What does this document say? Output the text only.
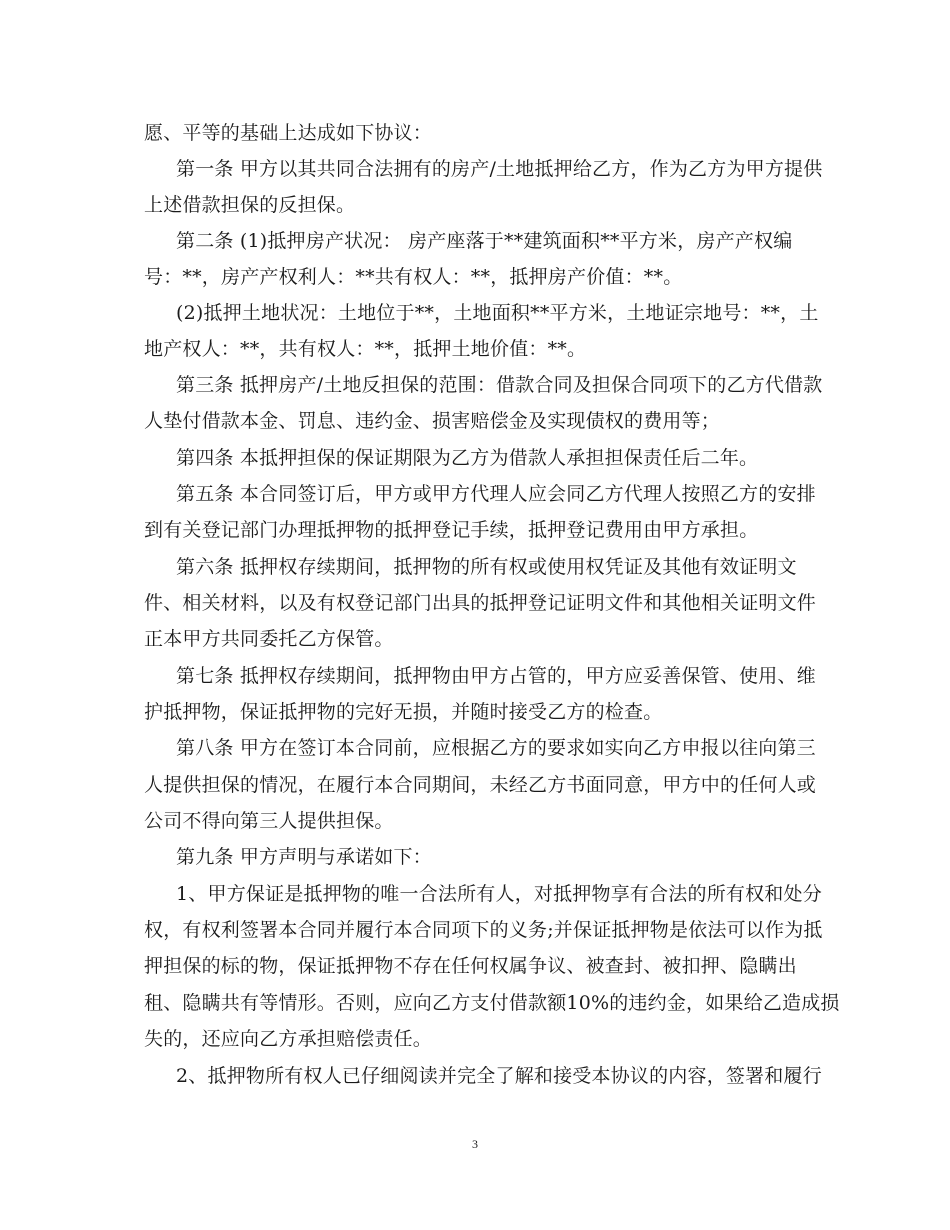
愿、平等的基础上达成如下协议：
第一条 甲方以其共同合法拥有的房产/土地抵押给乙方，作为乙方为甲方提供
上述借款担保的反担保。
第二条 (1)抵押房产状况： 房产座落于**建筑面积**平方米，房产产权编
号：**，房产产权利人：**共有权人：**，抵押房产价值：**。
(2)抵押土地状况：土地位于**，土地面积**平方米，土地证宗地号：**，土
地产权人：**，共有权人：**，抵押土地价值：**。
第三条 抵押房产/土地反担保的范围：借款合同及担保合同项下的乙方代借款
人垫付借款本金、罚息、违约金、损害赔偿金及实现债权的费用等；
第四条 本抵押担保的保证期限为乙方为借款人承担担保责任后二年。
第五条 本合同签订后，甲方或甲方代理人应会同乙方代理人按照乙方的安排
到有关登记部门办理抵押物的抵押登记手续，抵押登记费用由甲方承担。
第六条 抵押权存续期间，抵押物的所有权或使用权凭证及其他有效证明文
件、相关材料，以及有权登记部门出具的抵押登记证明文件和其他相关证明文件
正本甲方共同委托乙方保管。
第七条 抵押权存续期间，抵押物由甲方占管的，甲方应妥善保管、使用、维
护抵押物，保证抵押物的完好无损，并随时接受乙方的检查。
第八条 甲方在签订本合同前，应根据乙方的要求如实向乙方申报以往向第三
人提供担保的情况，在履行本合同期间，未经乙方书面同意，甲方中的任何人或
公司不得向第三人提供担保。
第九条 甲方声明与承诺如下：
1、甲方保证是抵押物的唯一合法所有人，对抵押物享有合法的所有权和处分
权，有权利签署本合同并履行本合同项下的义务;并保证抵押物是依法可以作为抵
押担保的标的物，保证抵押物不存在任何权属争议、被查封、被扣押、隐瞒出
租、隐瞒共有等情形。否则，应向乙方支付借款额10%的违约金，如果给乙造成损
失的，还应向乙方承担赔偿责任。
2、抵押物所有权人已仔细阅读并完全了解和接受本协议的内容，签署和履行
3
